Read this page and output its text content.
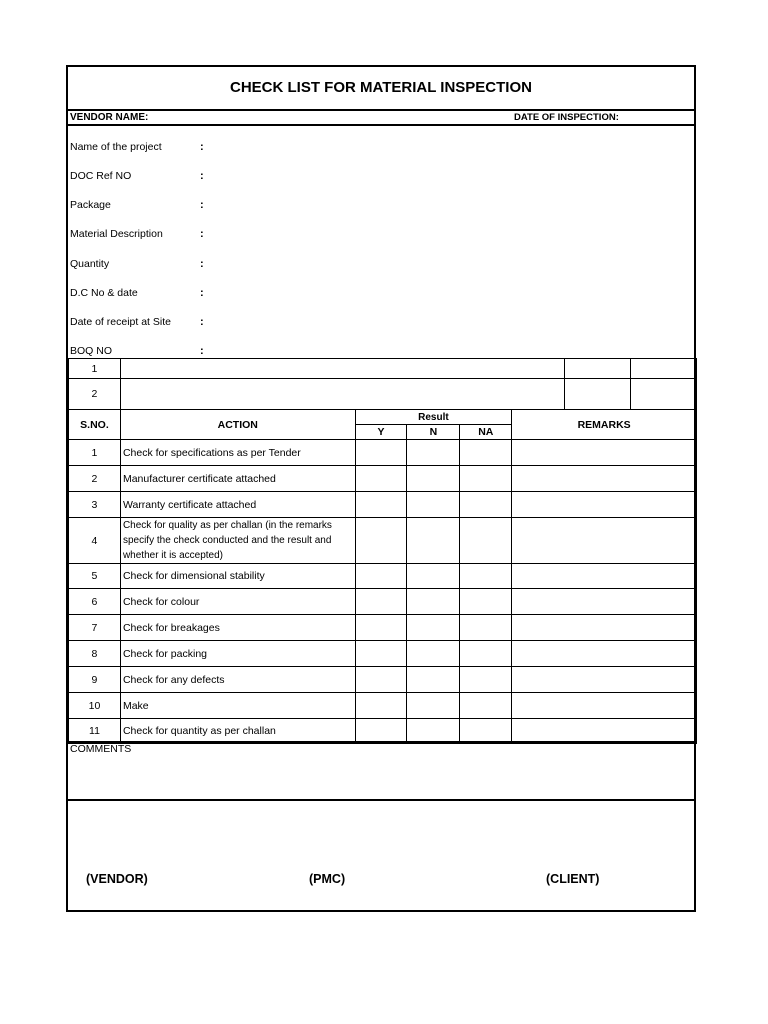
CHECK LIST FOR MATERIAL INSPECTION
VENDOR NAME:	DATE OF INSPECTION:
Name of the project	:
DOC Ref NO	:
Package	:
Material Description	:
Quantity	:
D.C No & date	:
Date of receipt at Site	:
BOQ NO	:
1			
2			
S.NO.	ACTION	Result			REMARKS
		Y	N	NA	
1	Check for specifications as per Tender				
2	Manufacturer certificate attached				
3	Warranty certificate attached				
4	Check for quality as per challan (in the remarks specify the check conducted and the result and whether it is accepted)				
5	Check for dimensional stability				
6	Check for colour				
7	Check for breakages				
8	Check for packing				
9	Check for any defects				
10	Make				
11	Check for quantity as per challan				
COMMENTS
(VENDOR)	(PMC)	(CLIENT)
